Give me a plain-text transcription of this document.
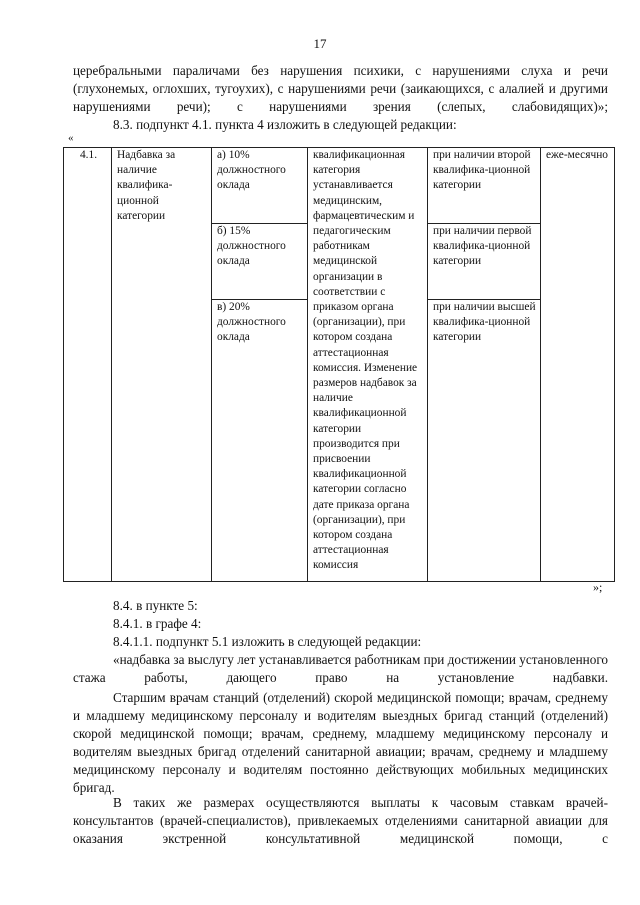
17

церебральными параличами без нарушения психики, с нарушениями слуха и речи (глухонемых, оглохших, тугоухих), с нарушениями речи (заикающихся, с алалией и другими нарушениями речи); с нарушениями зрения (слепых, слабовидящих)»;

8.3. подпункт 4.1. пункта 4 изложить в следующей редакции:

«
4.1.	Надбавка за наличие квалифика-ционной категории	а) 10% должностного оклада	квалификационная категория устанавливается медицинским, фармацевтическим и педагогическим работникам медицинской организации в соответствии с приказом органа (организации), при котором создана аттестационная комиссия. Изменение размеров надбавок за наличие квалификационной категории производится при присвоении квалификационной категории согласно дате приказа органа (организации), при котором создана аттестационная комиссия	при наличии второй квалифика-ционной категории	еже-месячно
		б) 15% должностного оклада		при наличии первой квалифика-ционной категории	
		в) 20% должностного оклада		при наличии высшей квалифика-ционной категории	
»;

8.4. в пункте 5:

8.4.1. в графе 4:

8.4.1.1. подпункт 5.1 изложить в следующей редакции:

«надбавка за выслугу лет устанавливается работникам при достижении установленного стажа работы, дающего право на установление надбавки.

Старшим врачам станций (отделений) скорой медицинской помощи; врачам, среднему и младшему медицинскому персоналу и водителям выездных бригад станций (отделений) скорой медицинской помощи; врачам, среднему, младшему медицинскому персоналу и водителям выездных бригад отделений санитарной авиации; врачам, среднему и младшему медицинскому персоналу и водителям постоянно действующих мобильных медицинских бригад.

В таких же размерах осуществляются выплаты к часовым ставкам врачей-консультантов (врачей-специалистов), привлекаемых отделениями санитарной авиации для оказания экстренной консультативной медицинской помощи, с
